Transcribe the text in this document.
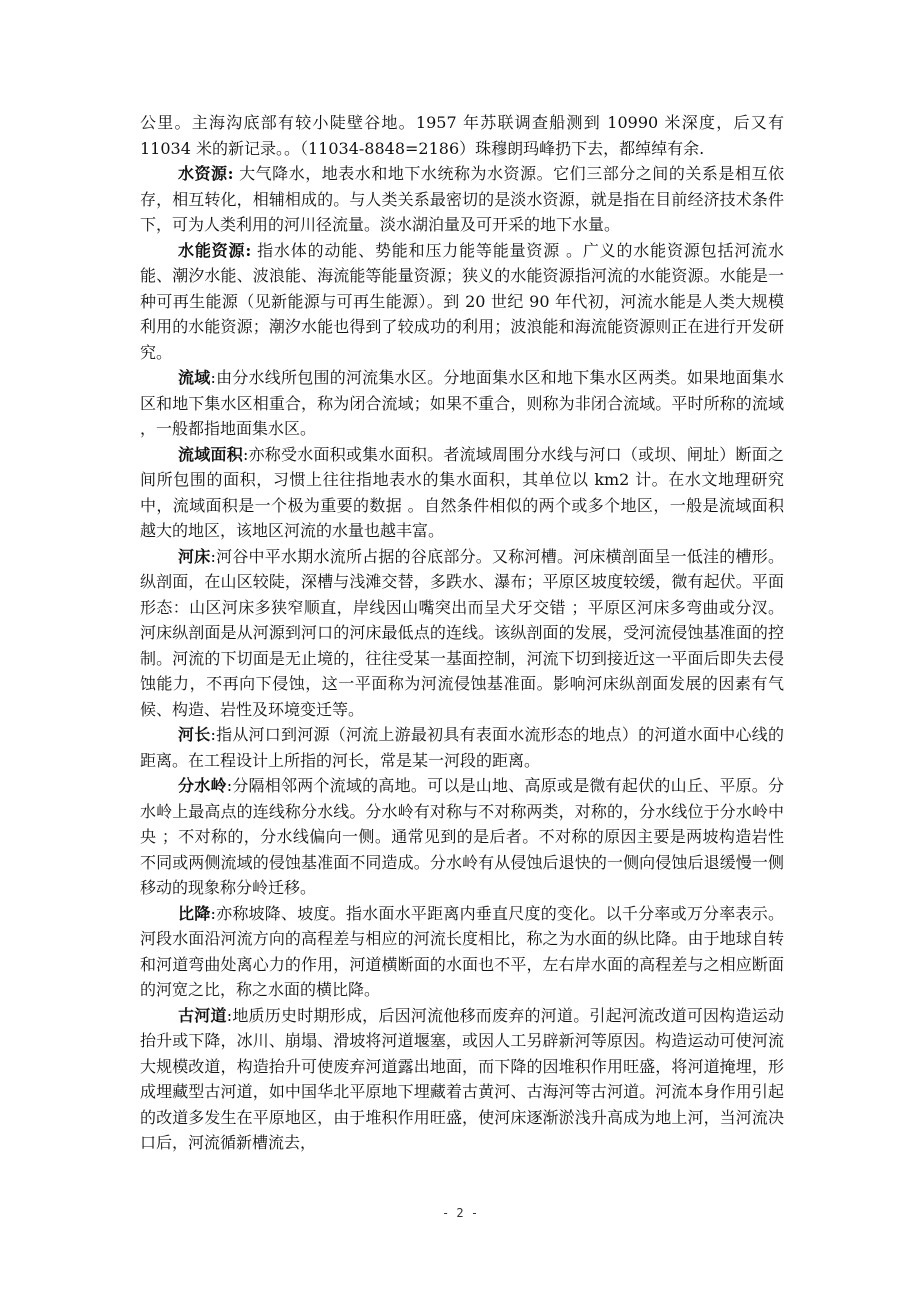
公里。主海沟底部有较小陡壁谷地。1957 年苏联调查船测到 10990 米深度，后又有 11034 米的新记录。。（11034-8848=2186）珠穆朗玛峰扔下去，都绰绰有余.

水资源: 大气降水，地表水和地下水统称为水资源。它们三部分之间的关系是相互依存，相互转化，相辅相成的。与人类关系最密切的是淡水资源，就是指在目前经济技术条件下，可为人类利用的河川径流量。淡水湖泊量及可开采的地下水量。

水能资源: 指水体的动能、势能和压力能等能量资源 。广义的水能资源包括河流水能、潮汐水能、波浪能、海流能等能量资源；狭义的水能资源指河流的水能资源。水能是一种可再生能源（见新能源与可再生能源）。到 20 世纪 90 年代初，河流水能是人类大规模利用的水能资源；潮汐水能也得到了较成功的利用；波浪能和海流能资源则正在进行开发研究。

流域:由分水线所包围的河流集水区。分地面集水区和地下集水区两类。如果地面集水区和地下集水区相重合，称为闭合流域；如果不重合，则称为非闭合流域。平时所称的流域 ，一般都指地面集水区。

流域面积:亦称受水面积或集水面积。者流域周围分水线与河口（或坝、闸址）断面之间所包围的面积，习惯上往往指地表水的集水面积，其单位以 km2 计。在水文地理研究中，流域面积是一个极为重要的数据 。自然条件相似的两个或多个地区，一般是流域面积越大的地区，该地区河流的水量也越丰富。

河床:河谷中平水期水流所占据的谷底部分。又称河槽。河床横剖面呈一低洼的槽形。纵剖面，在山区较陡，深槽与浅滩交替，多跌水、瀑布；平原区坡度较缓，微有起伏。平面形态：山区河床多狭窄顺直，岸线因山嘴突出而呈犬牙交错 ；平原区河床多弯曲或分汊。河床纵剖面是从河源到河口的河床最低点的连线。该纵剖面的发展，受河流侵蚀基准面的控制。河流的下切面是无止境的，往往受某一基面控制，河流下切到接近这一平面后即失去侵蚀能力，不再向下侵蚀，这一平面称为河流侵蚀基准面。影响河床纵剖面发展的因素有气候、构造、岩性及环境变迁等。

河长:指从河口到河源（河流上游最初具有表面水流形态的地点）的河道水面中心线的距离。在工程设计上所指的河长，常是某一河段的距离。

分水岭:分隔相邻两个流域的高地。可以是山地、高原或是微有起伏的山丘、平原。分水岭上最高点的连线称分水线。分水岭有对称与不对称两类，对称的，分水线位于分水岭中央 ；不对称的，分水线偏向一侧。通常见到的是后者。不对称的原因主要是两坡构造岩性不同或两侧流域的侵蚀基准面不同造成。分水岭有从侵蚀后退快的一侧向侵蚀后退缓慢一侧移动的现象称分岭迁移。

比降:亦称坡降、坡度。指水面水平距离内垂直尺度的变化。以千分率或万分率表示。河段水面沿河流方向的高程差与相应的河流长度相比，称之为水面的纵比降。由于地球自转和河道弯曲处离心力的作用，河道横断面的水面也不平，左右岸水面的高程差与之相应断面的河宽之比，称之水面的横比降。

古河道:地质历史时期形成，后因河流他移而废弃的河道。引起河流改道可因构造运动抬升或下降，冰川、崩塌、滑坡将河道堰塞，或因人工另辟新河等原因。构造运动可使河流大规模改道，构造抬升可使废弃河道露出地面，而下降的因堆积作用旺盛，将河道掩埋，形成埋藏型古河道，如中国华北平原地下埋藏着古黄河、古海河等古河道。河流本身作用引起的改道多发生在平原地区，由于堆积作用旺盛，使河床逐渐淤浅升高成为地上河，当河流决口后，河流循新槽流去，

- 2 -
